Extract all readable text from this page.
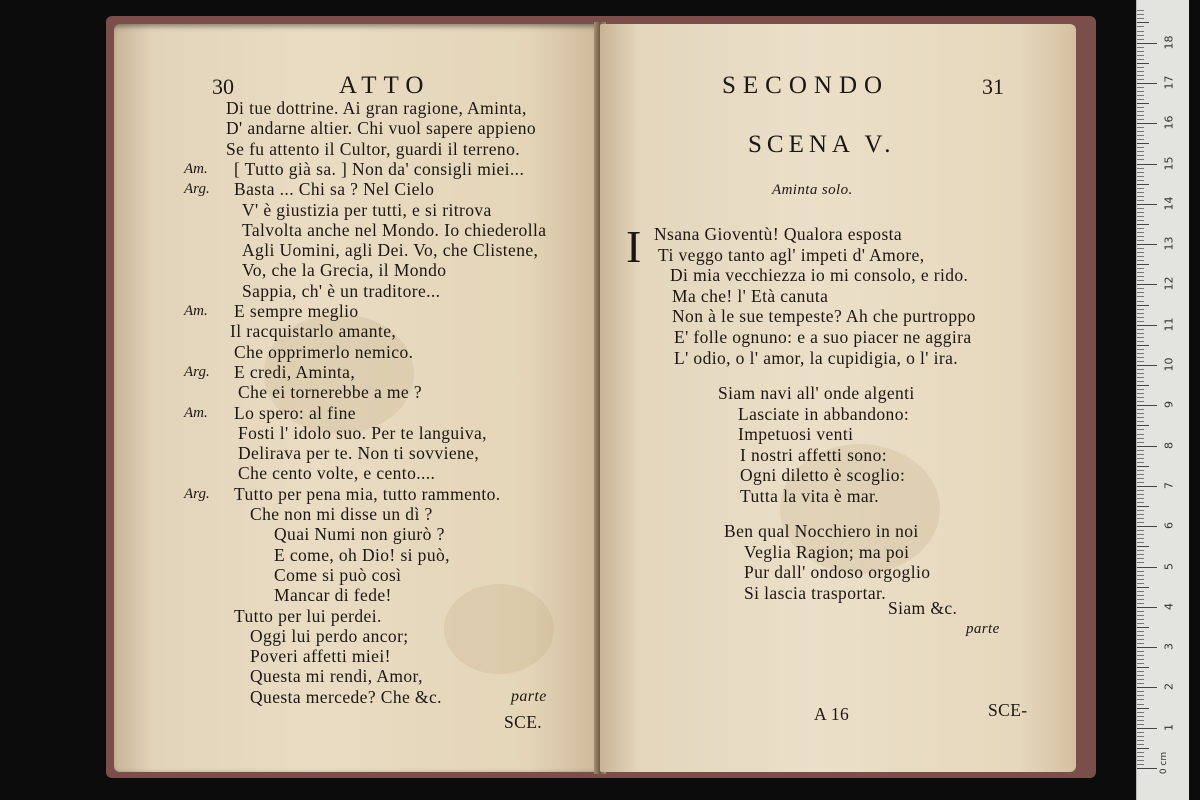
30	ATTO
Di tue dottrine. Ai gran ragione, Aminta,
D' andarne altier. Chi vuol sapere appieno
Se fu attento il Cultor, guardi il terreno.
Am. [ Tutto già sa. ] Non da' consigli miei...
Arg. Basta ... Chi sa ? Nel Cielo
V' è giustizia per tutti, e si ritrova
Talvolta anche nel Mondo. Io chiederolla
Agli Uomini, agli Dei. Vo, che Clistene,
Vo, che la Grecia, il Mondo
Sappia, ch' è un traditore...
Am. E sempre meglio
Il racquistarlo amante,
Che opprimerlo nemico.
Arg. E credi, Aminta,
Che ei tornerebbe a me ?
Am. Lo spero: al fine
Fosti l' idolo suo. Per te languiva,
Delirava per te. Non ti sovviene,
Che cento volte, e cento....
Arg. Tutto per pena mia, tutto rammento.
Che non mi disse un dì ?
Quai Numi non giurò ?
E come, oh Dio! si può,
Come si può così
Mancar di fede!
Tutto per lui perdei.
Oggi lui perdo ancor;
Poveri affetti miei!
Questa mi rendi, Amor,
Questa mercede? Che &c.	parte
SCE.
SECONDO	31
SCENA V.
Aminta solo.
I Nsana Gioventù! Qualora esposta
Ti veggo tanto agl' impeti d' Amore,
Di mia vecchiezza io mi consolo, e rido.
Ma che! l' Età canuta
Non à le sue tempeste? Ah che purtroppo
E' folle ognuno: e a suo piacer ne aggira
L' odio, o l' amor, la cupidigia, o l' ira.
Siam navi all' onde algenti
Lasciate in abbandono:
Impetuosi venti
I nostri affetti sono:
Ogni diletto è scoglio:
Tutta la vita è mar.
Ben qual Nocchiero in noi
Veglia Ragion; ma poi
Pur dall' ondoso orgoglio
Si lascia trasportar.
Siam &c.
parte
A 16	SCE-
0 cm
1
2
3
4
5
6
7
8
9
10
11
12
13
14
15
16
17
18
